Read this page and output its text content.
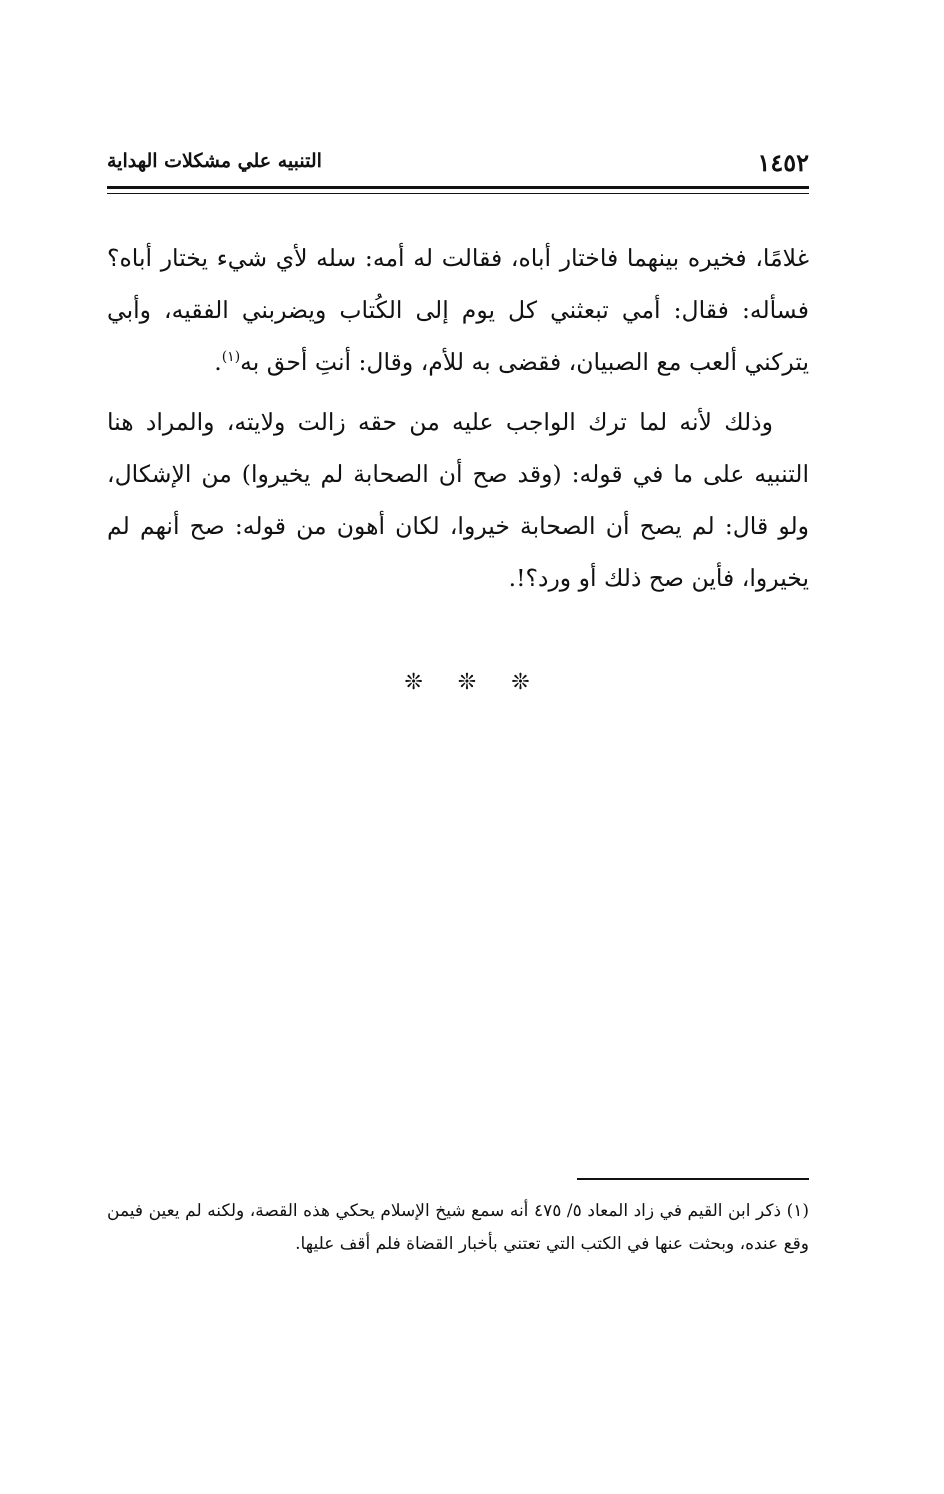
١٤٥٢
التنبيه علي مشكلات الهداية

غلامًا، فخيره بينهما فاختار أباه، فقالت له أمه: سله لأي شيء يختار أباه؟ فسأله: فقال: أمي تبعثني كل يوم إلى الكُتاب ويضربني الفقيه، وأبي يتركني ألعب مع الصبيان، فقضى به للأم، وقال: أنتِ أحق به$^{(١)}$.

وذلك لأنه لما ترك الواجب عليه من حقه زالت ولايته، والمراد هنا التنبيه على ما في قوله: (وقد صح أن الصحابة لم يخيروا) من الإشكال، ولو قال: لم يصح أن الصحابة خيروا، لكان أهون من قوله: صح أنهم لم يخيروا، فأين صح ذلك أو ورد؟!.

❊ ❊ ❊
(١) ذكر ابن القيم في زاد المعاد ٥/ ٤٧٥ أنه سمع شيخ الإسلام يحكي هذه القصة، ولكنه لم يعين فيمن وقع عنده، وبحثت عنها في الكتب التي تعتني بأخبار القضاة فلم أقف عليها.
